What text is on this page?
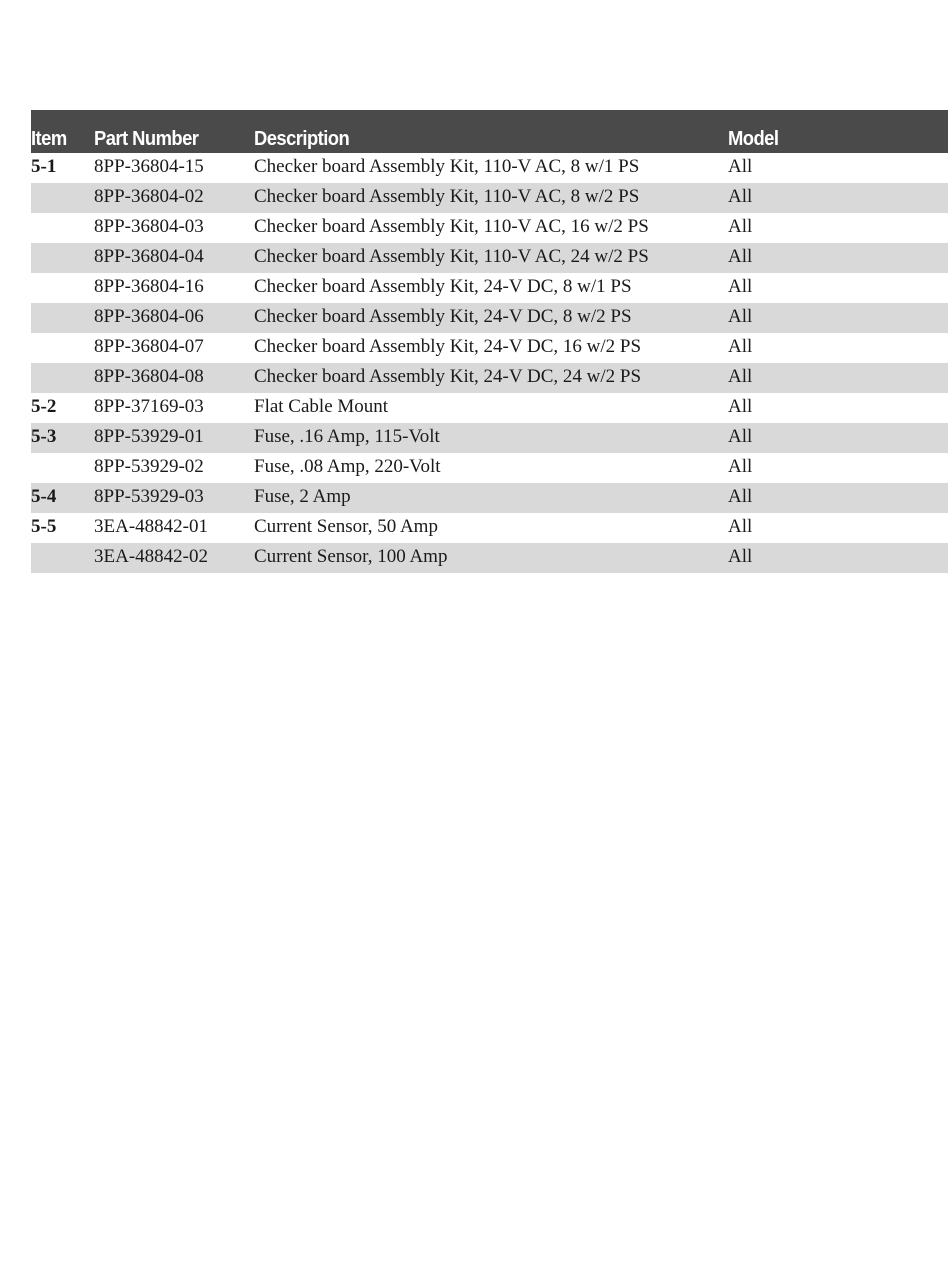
Item Part Number	Description	Model
5-1 8PP-36804-15	Checker board Assembly Kit, 110-V AC, 8 w/1 PS	All
8PP-36804-02	Checker board Assembly Kit, 110-V AC, 8 w/2 PS	All
8PP-36804-03	Checker board Assembly Kit, 110-V AC, 16 w/2 PS	All
8PP-36804-04	Checker board Assembly Kit, 110-V AC, 24 w/2 PS	All
8PP-36804-16	Checker board Assembly Kit, 24-V DC, 8 w/1 PS	All
8PP-36804-06	Checker board Assembly Kit, 24-V DC, 8 w/2 PS	All
8PP-36804-07	Checker board Assembly Kit, 24-V DC, 16 w/2 PS	All
8PP-36804-08	Checker board Assembly Kit, 24-V DC, 24 w/2 PS	All
5-2 8PP-37169-03	Flat Cable Mount	All
5-3 8PP-53929-01	Fuse, .16 Amp, 115-Volt	All
8PP-53929-02	Fuse, .08 Amp, 220-Volt	All
5-4 8PP-53929-03	Fuse, 2 Amp	All
5-5 3EA-48842-01 Current Sensor, 50 Amp	All
3EA-48842-02 Current Sensor, 100 Amp	All
